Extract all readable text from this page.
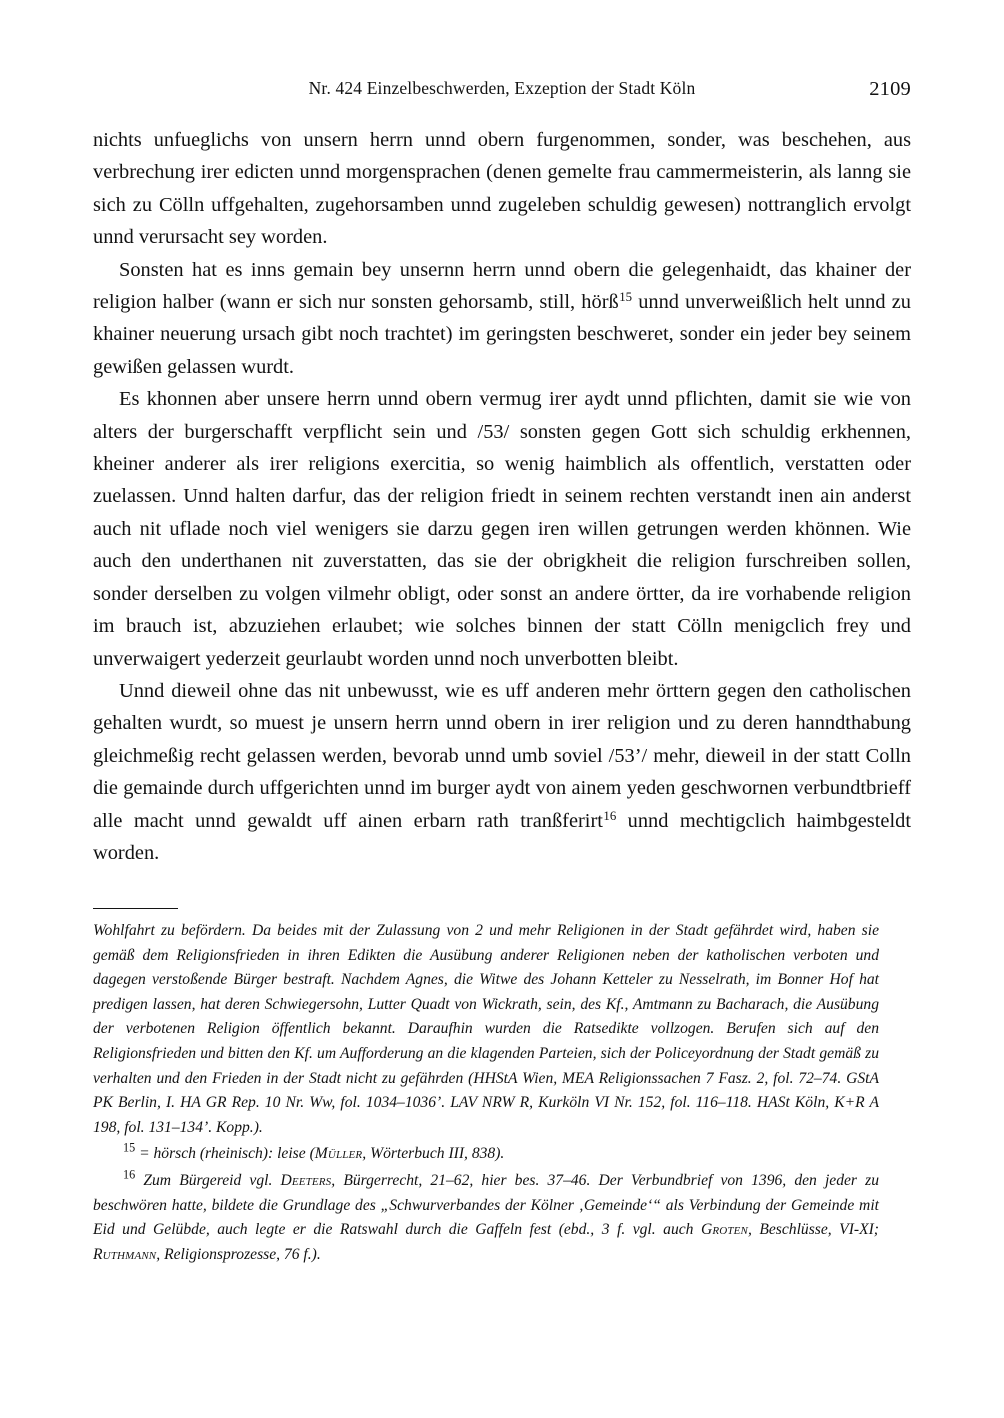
Nr. 424 Einzelbeschwerden, Exzeption der Stadt Köln	2109

nichts unfueglichs von unsern herrn unnd obern furgenommen, sonder, was beschehen, aus verbrechung irer edicten unnd morgensprachen (denen gemelte frau cammermeisterin, als lanng sie sich zu Cölln uffgehalten, zugehorsamben unnd zugeleben schuldig gewesen) nottranglich ervolgt unnd verursacht sey worden.

Sonsten hat es inns gemain bey unsernn herrn unnd obern die gelegenhaidt, das khainer der religion halber (wann er sich nur sonsten gehorsamb, still, hörß$^{15}$ unnd unverweißlich helt unnd zu khainer neuerung ursach gibt noch trachtet) im geringsten beschweret, sonder ein jeder bey seinem gewißen gelassen wurdt.

Es khonnen aber unsere herrn unnd obern vermug irer aydt unnd pflichten, damit sie wie von alters der burgerschafft verpflicht sein und /53/ sonsten gegen Gott sich schuldig erkhennen, kheiner anderer als irer religions exercitia, so wenig haimblich als offentlich, verstatten oder zuelassen. Unnd halten darfur, das der religion friedt in seinem rechten verstandt inen ain anderst auch nit uflade noch viel wenigers sie darzu gegen iren willen getrungen werden khönnen. Wie auch den underthanen nit zuverstatten, das sie der obrigkheit die religion furschreiben sollen, sonder derselben zu volgen vilmehr obligt, oder sonst an andere örtter, da ire vorhabende religion im brauch ist, abzuziehen erlaubet; wie solches binnen der statt Cölln menigclich frey und unverwaigert yederzeit geurlaubt worden unnd noch unverbotten bleibt.

Unnd dieweil ohne das nit unbewusst, wie es uff anderen mehr örttern gegen den catholischen gehalten wurdt, so muest je unsern herrn unnd obern in irer religion und zu deren hanndthabung gleichmeßig recht gelassen werden, bevorab unnd umb soviel /53’/ mehr, dieweil in der statt Colln die gemainde durch uffgerichten unnd im burger aydt von ainem yeden geschwornen verbundtbrieff alle macht unnd gewaldt uff ainen erbarn rath tranßferirt$^{16}$ unnd mechtigclich haimbgesteldt worden.

Wohlfahrt zu befördern. Da beides mit der Zulassung von 2 und mehr Religionen in der Stadt gefährdet wird, haben sie gemäß dem Religionsfrieden in ihren Edikten die Ausübung anderer Religionen neben der katholischen verboten und dagegen verstoßende Bürger bestraft. Nachdem Agnes, die Witwe des Johann Ketteler zu Nesselrath, im Bonner Hof hat predigen lassen, hat deren Schwiegersohn, Lutter Quadt von Wickrath, sein, des Kf., Amtmann zu Bacharach, die Ausübung der verbotenen Religion öffentlich bekannt. Daraufhin wurden die Ratsedikte vollzogen. Berufen sich auf den Religionsfrieden und bitten den Kf. um Aufforderung an die klagenden Parteien, sich der Policeyordnung der Stadt gemäß zu verhalten und den Frieden in der Stadt nicht zu gefährden (HHStA Wien, MEA Religionssachen 7 Fasz. 2, fol. 72–74. GStA PK Berlin, I. HA GR Rep. 10 Nr. Ww, fol. 1034–1036’. LAV NRW R, Kurköln VI Nr. 152, fol. 116–118. HASt Köln, K+R A 198, fol. 131–134’. Kopp.).

$^{15}$ = hörsch (rheinisch): leise (Müller, Wörterbuch III, 838).

$^{16}$ Zum Bürgereid vgl. Deeters, Bürgerrecht, 21–62, hier bes. 37–46. Der Verbundbrief von 1396, den jeder zu beschwören hatte, bildete die Grundlage des „Schwurverbandes der Kölner ‚Gemeinde‘“ als Verbindung der Gemeinde mit Eid und Gelübde, auch legte er die Ratswahl durch die Gaffeln fest (ebd., 3 f. vgl. auch Groten, Beschlüsse, VI-XI; Ruthmann, Religionsprozesse, 76 f.).
